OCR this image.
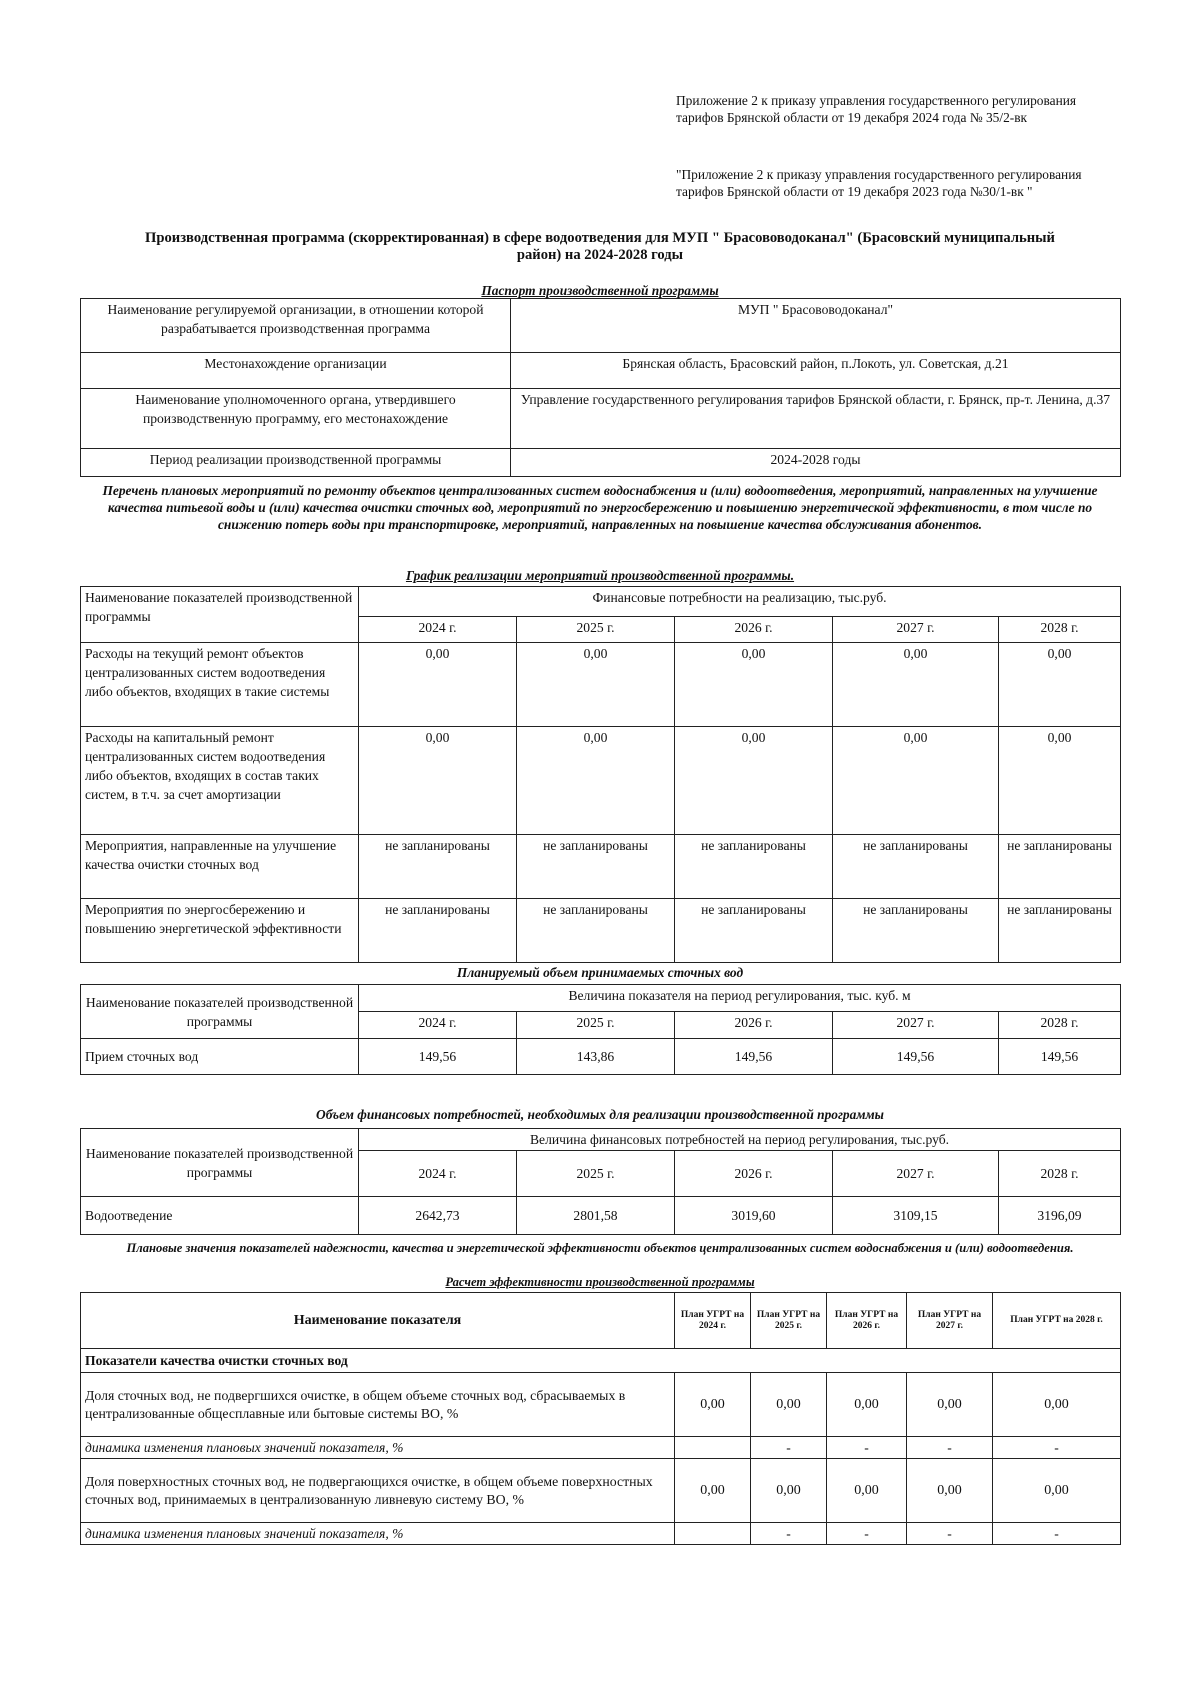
Приложение 2 к приказу управления государственного регулирования тарифов Брянской области от 19 декабря 2024 года № 35/2-вк
"Приложение 2 к приказу управления государственного регулирования тарифов Брянской области от 19 декабря 2023 года №30/1-вк "
Производственная программа (скорректированная) в сфере водоотведения для МУП " Брасововодоканал" (Брасовский муниципальный район) на 2024-2028 годы
Паспорт производственной программы
Наименование регулируемой организации, в отношении которой разрабатывается производственная программа	МУП " Брасововодоканал"
Местонахождение организации	Брянская область, Брасовский район, п.Локоть, ул. Советская, д.21
Наименование уполномоченного органа, утвердившего производственную программу, его местонахождение	Управление государственного регулирования тарифов Брянской области, г. Брянск, пр-т. Ленина, д.37
Период реализации производственной программы	2024-2028 годы
Перечень плановых мероприятий по ремонту объектов централизованных систем водоснабжения и (или) водоотведения, мероприятий, направленных на улучшение качества питьевой воды и (или) качества очистки сточных вод, мероприятий по энергосбережению и повышению энергетической эффективности, в том числе по снижению потерь воды при транспортировке, мероприятий, направленных на повышение качества обслуживания абонентов.
График реализации мероприятий производственной программы.
Наименование показателей производственной программы	Финансовые потребности на реализацию, тыс.руб.				
	2024 г.	2025 г.	2026 г.	2027 г.	2028 г.
Расходы на текущий ремонт объектов централизованных систем водоотведения либо объектов, входящих в такие системы	0,00	0,00	0,00	0,00	0,00
Расходы на капитальный ремонт централизованных систем водоотведения либо объектов, входящих в состав таких систем, в т.ч. за счет амортизации	0,00	0,00	0,00	0,00	0,00
Мероприятия, направленные на улучшение качества очистки сточных вод	не запланированы	не запланированы	не запланированы	не запланированы	не запланированы
Мероприятия по энергосбережению и повышению энергетической эффективности	не запланированы	не запланированы	не запланированы	не запланированы	не запланированы
Планируемый объем принимаемых сточных вод
Наименование показателей производственной программы	Величина показателя на период регулирования, тыс. куб. м				
	2024 г.	2025 г.	2026 г.	2027 г.	2028 г.
Прием сточных вод	149,56	143,86	149,56	149,56	149,56
Объем финансовых потребностей, необходимых для реализации производственной программы
Наименование показателей производственной программы	Величина финансовых потребностей на период регулирования, тыс.руб.				
	2024 г.	2025 г.	2026 г.	2027 г.	2028 г.
Водоотведение	2642,73	2801,58	3019,60	3109,15	3196,09
Плановые значения показателей надежности, качества и энергетической эффективности объектов централизованных систем водоснабжения и (или) водоотведения.
Расчет эффективности производственной программы
Наименование показателя	План УГРТ на 2024 г.	План УГРТ на 2025 г.	План УГРТ на 2026 г.	План УГРТ на 2027 г.	План УГРТ на 2028 г.
Показатели качества очистки сточных вод					
Доля сточных вод, не подвергшихся очистке, в общем объеме сточных вод, сбрасываемых в централизованные общесплавные или бытовые системы ВО, %	0,00	0,00	0,00	0,00	0,00
динамика изменения плановых значений показателя, %		-	-	-	-
Доля поверхностных сточных вод, не подвергающихся очистке, в общем объеме поверхностных сточных вод, принимаемых в централизованную ливневую систему ВО, %	0,00	0,00	0,00	0,00	0,00
динамика изменения плановых значений показателя, %		-	-	-	-
